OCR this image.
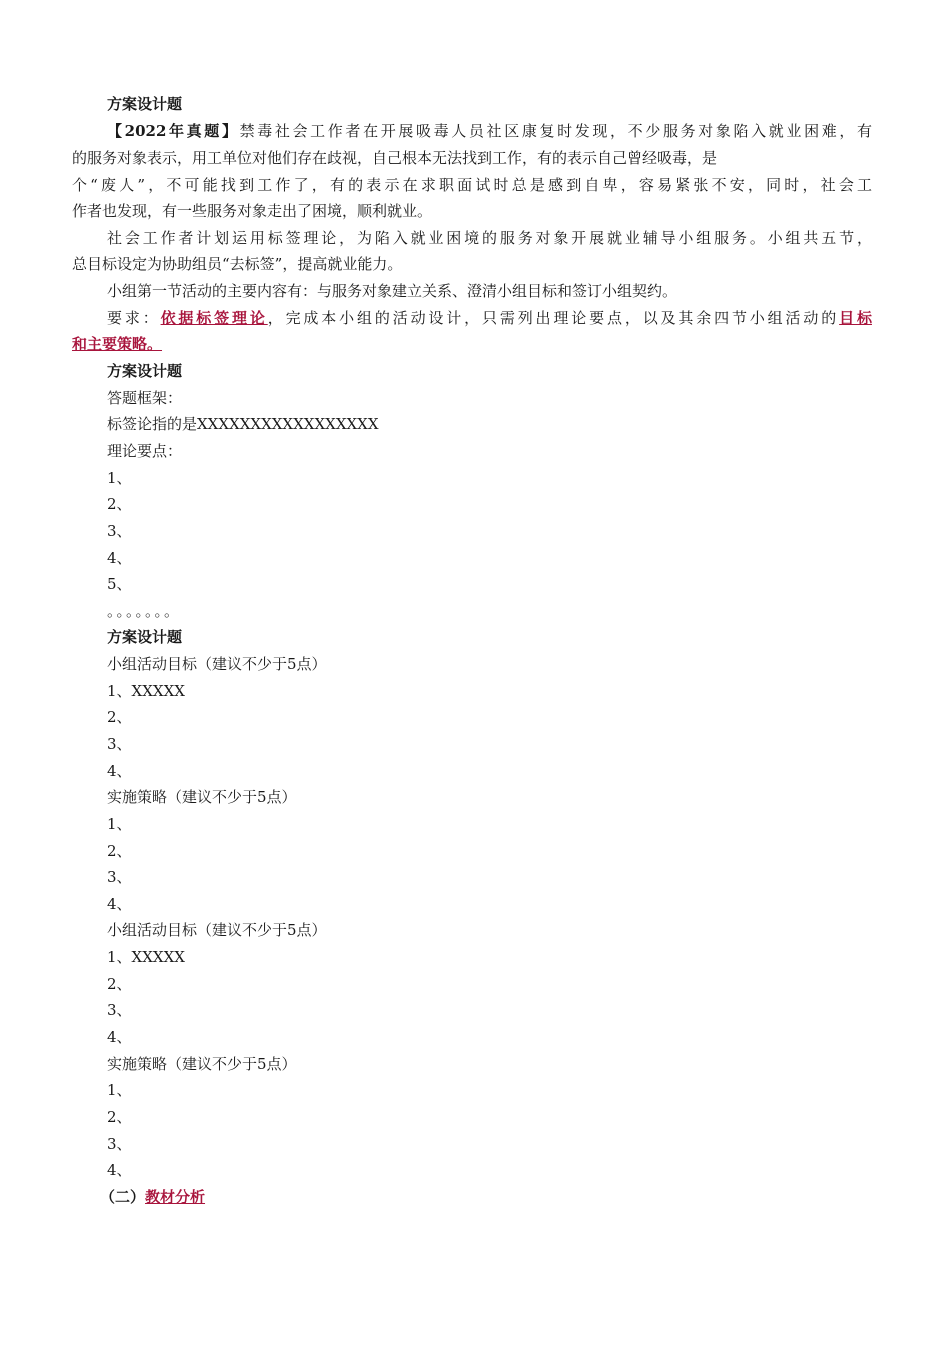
方案设计题
【2022年真题】禁毒社会工作者在开展吸毒人员社区康复时发现，不少服务对象陷入就业困难，有
的服务对象表示，用工单位对他们存在歧视，自己根本无法找到工作，有的表示自己曾经吸毒，是
个“废人”，不可能找到工作了，有的表示在求职面试时总是感到自卑，容易紧张不安，同时，社会工
作者也发现，有一些服务对象走出了困境，顺利就业。
社会工作者计划运用标签理论，为陷入就业困境的服务对象开展就业辅导小组服务。小组共五节，
总目标设定为协助组员“去标签”，提高就业能力。
小组第一节活动的主要内容有：与服务对象建立关系、澄清小组目标和签订小组契约。
要求：依据标签理论，完成本小组的活动设计，只需列出理论要点，以及其余四节小组活动的目标
和主要策略。
方案设计题
答题框架：
标签论指的是XXXXXXXXXXXXXXXXX
理论要点：
1、
2、
3、
4、
5、
。。。。。。。
方案设计题
小组活动目标（建议不少于5点）
1、XXXXX
2、
3、
4、
实施策略（建议不少于5点）
1、
2、
3、
4、
小组活动目标（建议不少于5点）
1、XXXXX
2、
3、
4、
实施策略（建议不少于5点）
1、
2、
3、
4、
（二）教材分析
